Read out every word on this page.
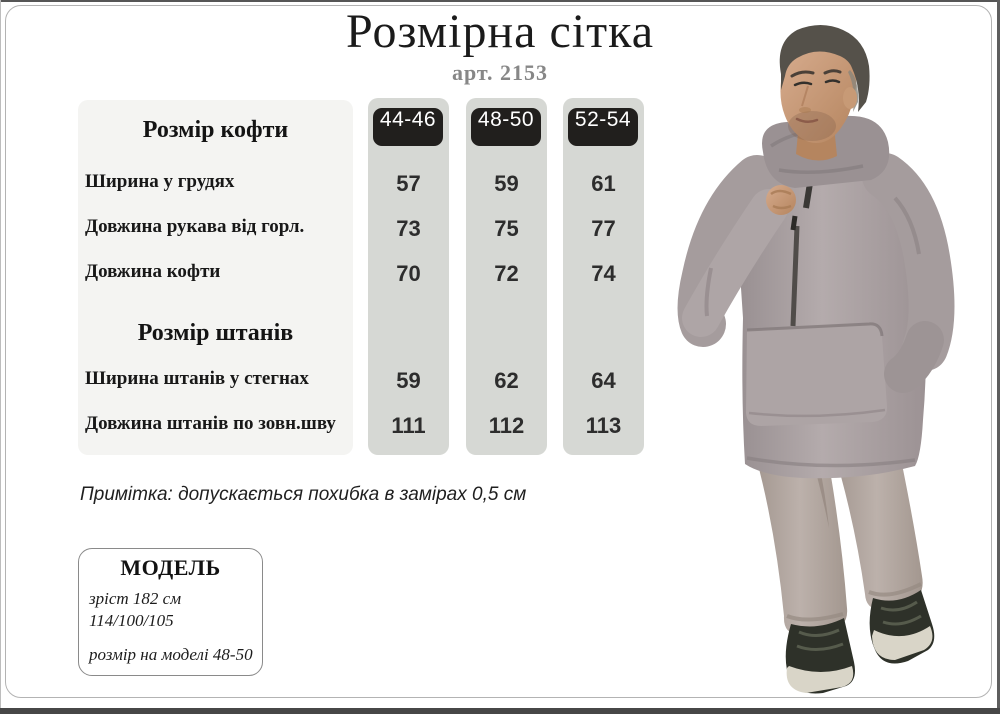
Розмірна сітка
арт. 2153
Розмір кофти
Ширина у грудях
Довжина рукава від горл.
Довжина кофти
Розмір штанів
Ширина штанів у стегнах
Довжина штанів по зовн.шву
44-46
57
73
70
59
111
48-50
59
75
72
62
112
52-54
61
77
74
64
113
Примітка: допускається похибка в замірах 0,5 см
МОДЕЛЬ
зріст 182 см
114/100/105
розмір на моделі 48-50
